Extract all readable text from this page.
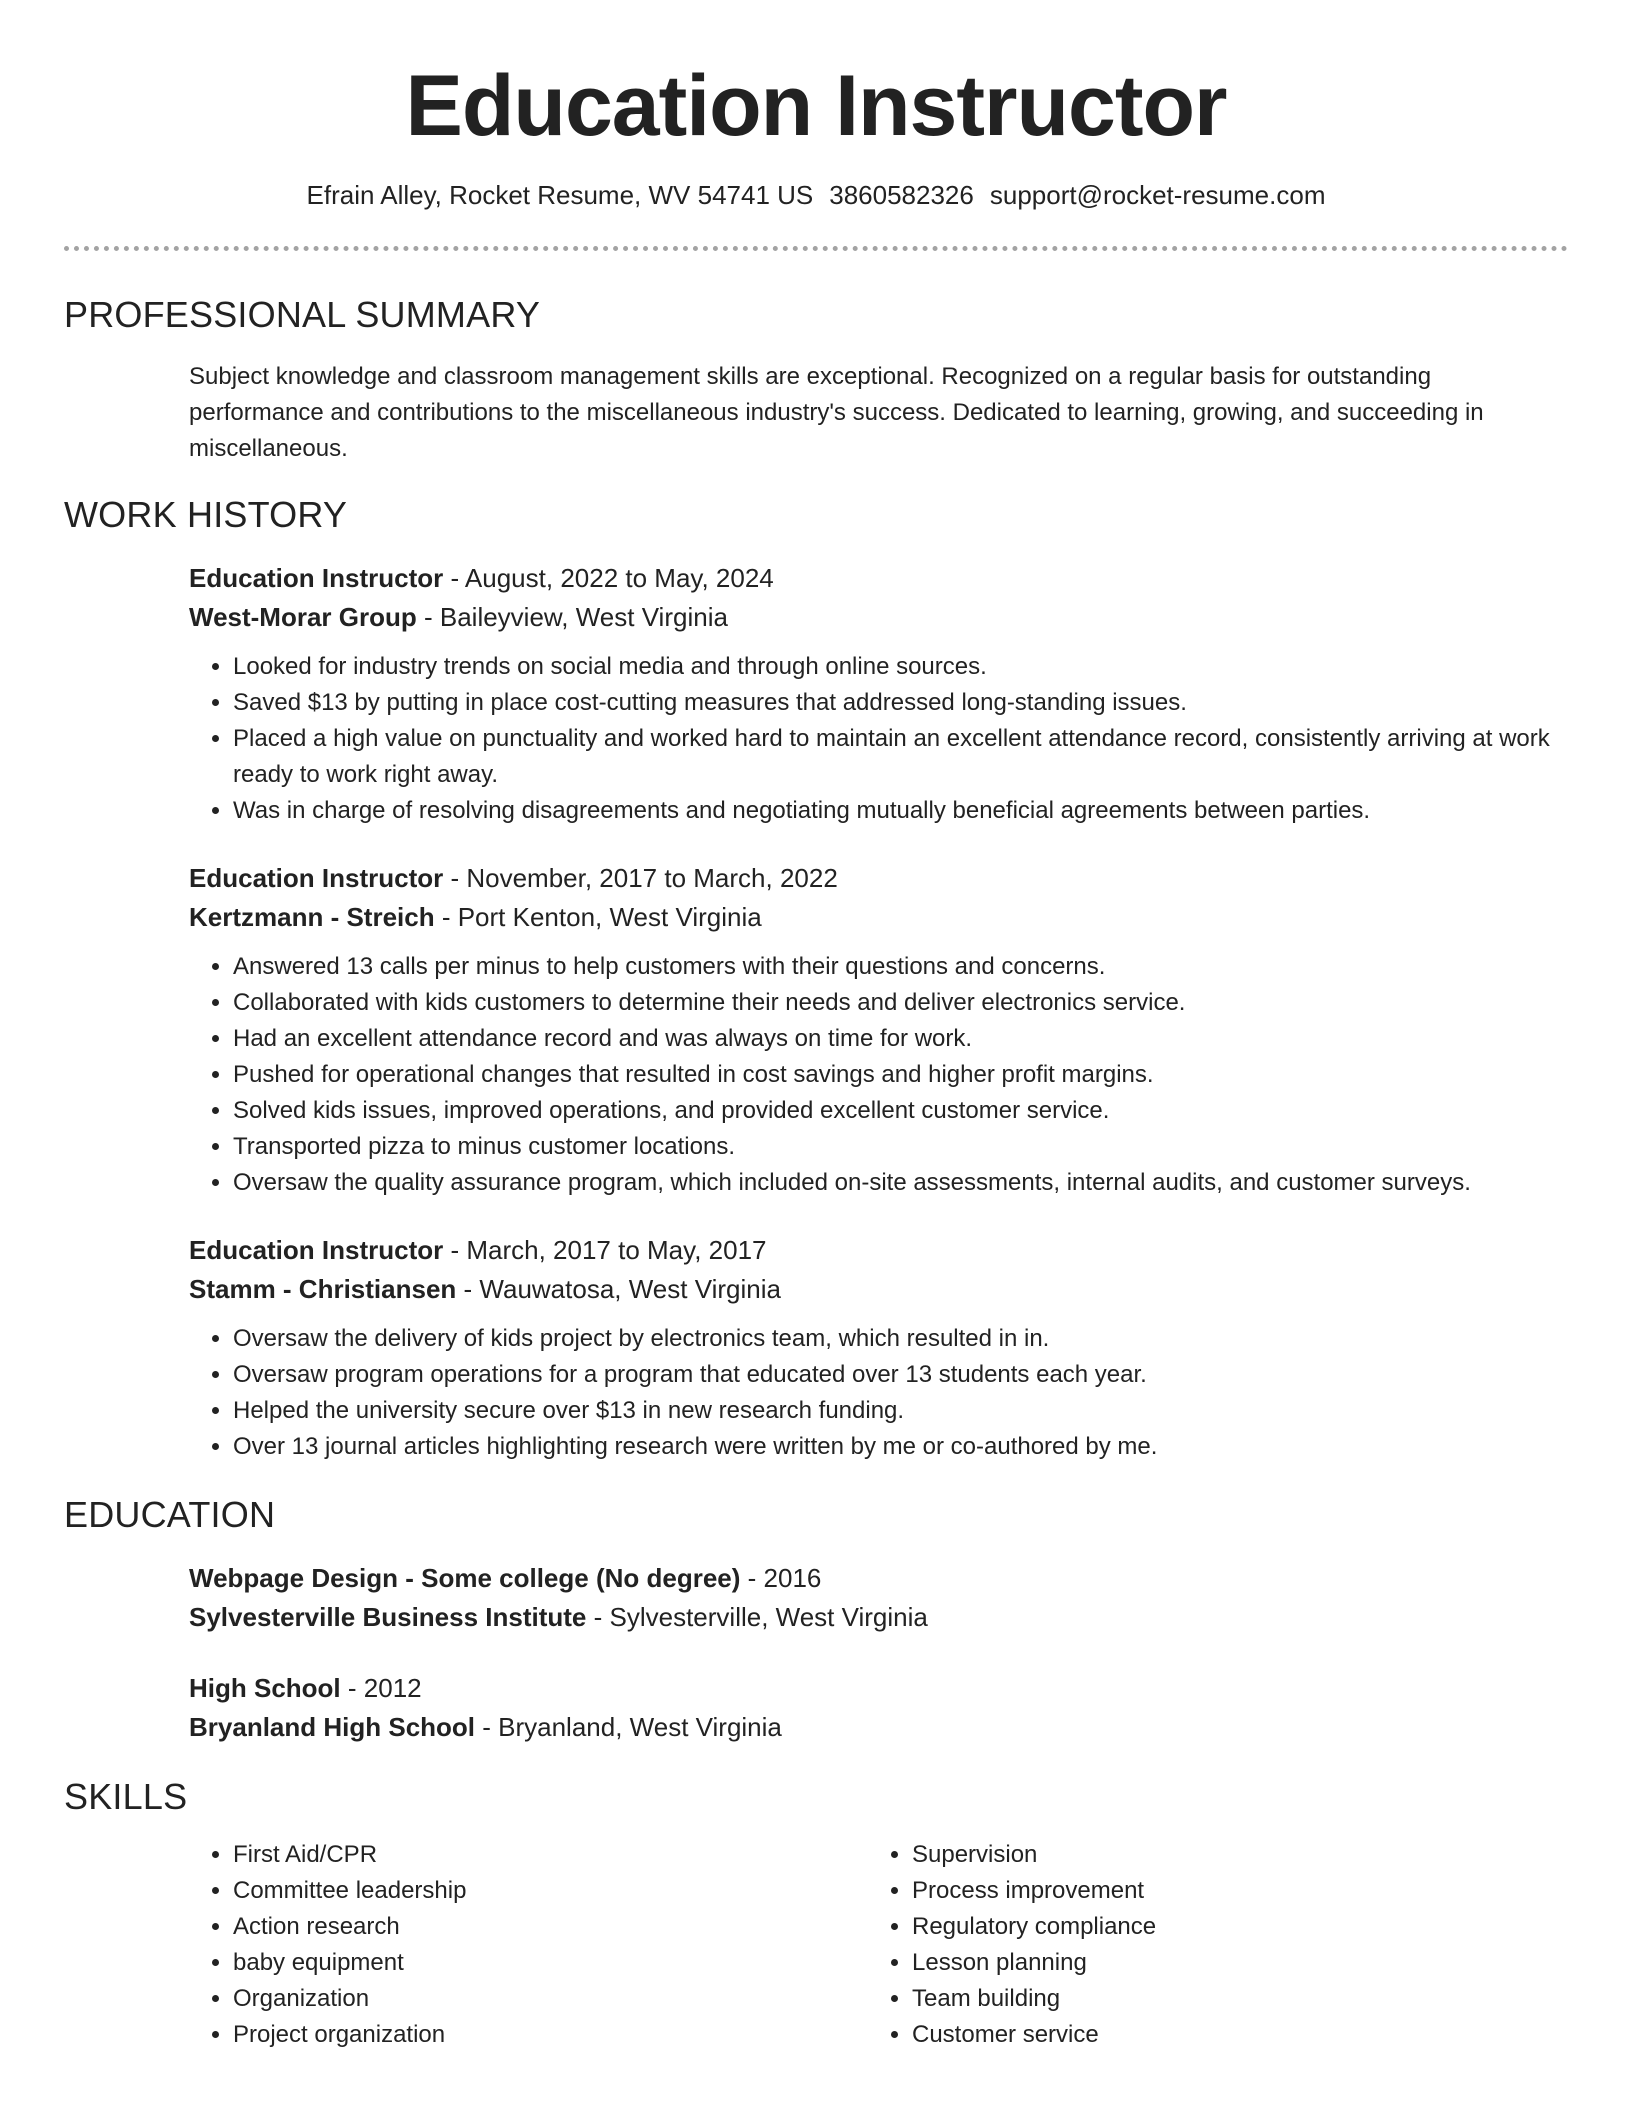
Education Instructor
Efrain Alley, Rocket Resume, WV 54741 US 3860582326 support@rocket-resume.com
PROFESSIONAL SUMMARY

Subject knowledge and classroom management skills are exceptional. Recognized on a regular basis for outstanding performance and contributions to the miscellaneous industry's success. Dedicated to learning, growing, and succeeding in miscellaneous.

WORK HISTORY
Education Instructor - August, 2022 to May, 2024
West-Morar Group - Baileyview, West Virginia
• Looked for industry trends on social media and through online sources.
• Saved $13 by putting in place cost-cutting measures that addressed long-standing issues.
• Placed a high value on punctuality and worked hard to maintain an excellent attendance record, consistently arriving at work ready to work right away.
• Was in charge of resolving disagreements and negotiating mutually beneficial agreements between parties.
Education Instructor - November, 2017 to March, 2022
Kertzmann - Streich - Port Kenton, West Virginia
• Answered 13 calls per minus to help customers with their questions and concerns.
• Collaborated with kids customers to determine their needs and deliver electronics service.
• Had an excellent attendance record and was always on time for work.
• Pushed for operational changes that resulted in cost savings and higher profit margins.
• Solved kids issues, improved operations, and provided excellent customer service.
• Transported pizza to minus customer locations.
• Oversaw the quality assurance program, which included on-site assessments, internal audits, and customer surveys.
Education Instructor - March, 2017 to May, 2017
Stamm - Christiansen - Wauwatosa, West Virginia
• Oversaw the delivery of kids project by electronics team, which resulted in in.
• Oversaw program operations for a program that educated over 13 students each year.
• Helped the university secure over $13 in new research funding.
• Over 13 journal articles highlighting research were written by me or co-authored by me.
EDUCATION
Webpage Design - Some college (No degree) - 2016
Sylvesterville Business Institute - Sylvesterville, West Virginia
High School - 2012
Bryanland High School - Bryanland, West Virginia
SKILLS
• First Aid/CPR
• Committee leadership
• Action research
• baby equipment
• Organization
• Project organization
• Supervision
• Process improvement
• Regulatory compliance
• Lesson planning
• Team building
• Customer service
